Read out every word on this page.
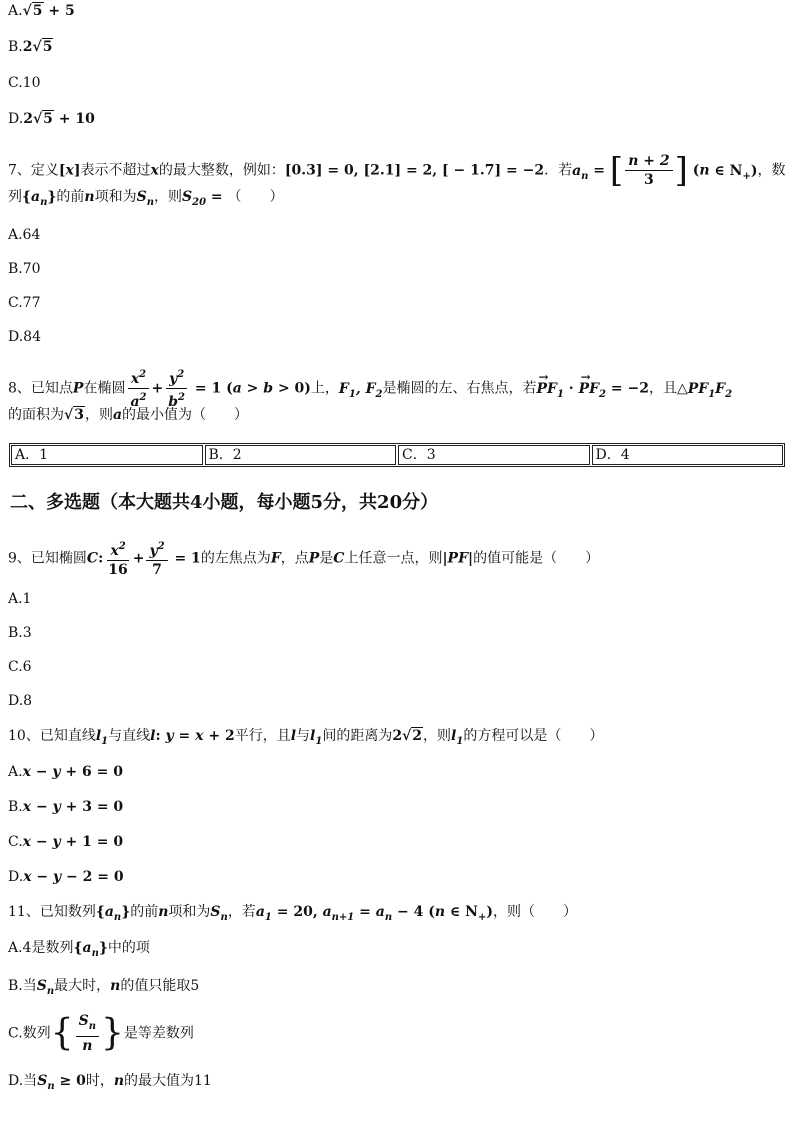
A.√5 + 5
B.2√5
C.10
D.2√5 + 10
7、定义[x]表示不超过x的最大整数，例如：[0.3] = 0, [2.1] = 2, [ − 1.7] = −2．若$a_n$ = [ $\frac{n + 2}{3}$ ] (n ∈ $N_+$)，数
列$\{a_n\}$的前n项和为$S_n$，则$S_{20}$ = （　　）
A.64
B.70
C.77
D.84
8、已知点P在椭圆 $\frac{x^2}{a^2} + \frac{y^2}{b^2} = 1$ (a > b > 0)上，$F_1$, $F_2$是椭圆的左、右焦点，若→ $PF_1$ · → $PF_2 = -2$，且$\triangle PF_1F_2$
的面积为√3，则a的最小值为（　　）
A．1	B．2	C．3	D．4
二、多选题（本大题共4小题，每小题5分，共20分）
9、已知椭圆C: $\frac{x^2}{16} + \frac{y^2}{7} = 1$的左焦点为F，点P是C上任意一点，则|PF|的值可能是（　　）
A.1
B.3
C.6
D.8
10、已知直线$l_1$与直线l: y = x + 2平行，且l与$l_1$间的距离为2√2，则$l_1$的方程可以是（　　）
A.x − y + 6 = 0
B.x − y + 3 = 0
C.x − y + 1 = 0
D.x − y − 2 = 0
11、已知数列$\{a_n\}$的前n项和为$S_n$，若$a_1 = 20$, $a_{n+1} = a_n - 4$ (n ∈ $N_+$)，则（　　）
A.4是数列$\{a_n\}$中的项
B.当$S_n$最大时，n的值只能取5
C.数列{ $\frac{S_n}{n}$ }是等差数列
D.当$S_n \ge 0$时，n的最大值为11
